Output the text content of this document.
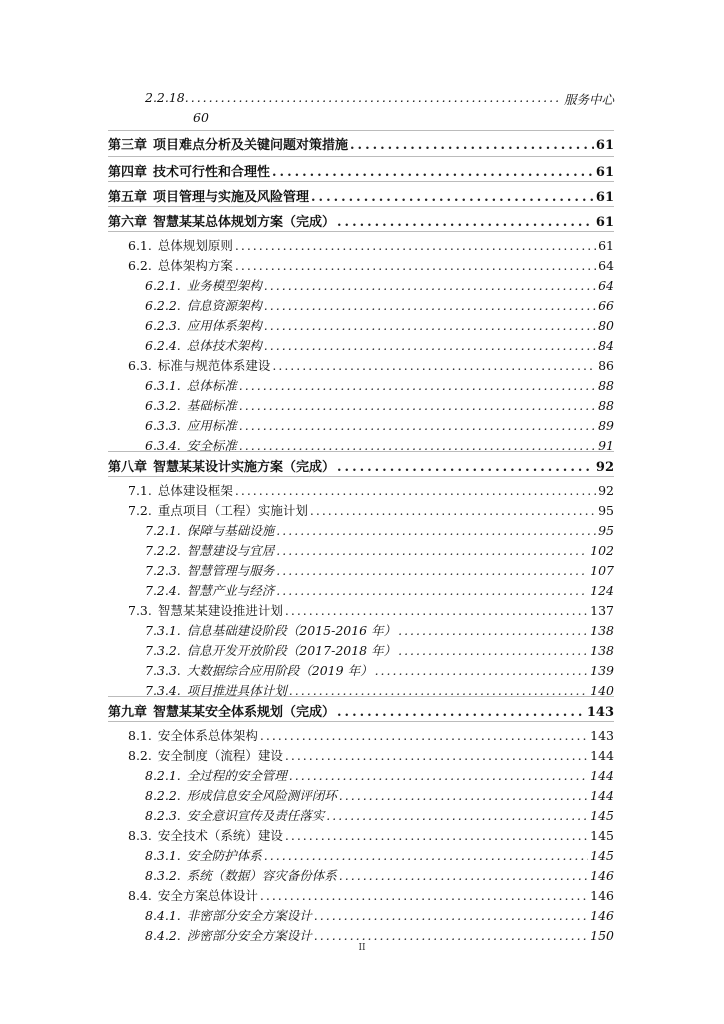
2.2.18. .....	服务中心
60
第三章 项目难点分析及关键问题对策措施 .....	61
第四章 技术可行性和合理性 .....	61
第五章 项目管理与实施及风险管理 .....	61
第六章 智慧某某总体规划方案（完成） .....	61
6.1. 总体规划原则 .....	61
6.2. 总体架构方案 .....	64
6.2.1. 业务模型架构 .....	64
6.2.2. 信息资源架构 .....	66
6.2.3. 应用体系架构 .....	80
6.2.4. 总体技术架构 .....	84
6.3. 标准与规范体系建设 .....	86
6.3.1. 总体标准 .....	88
6.3.2. 基础标准 .....	88
6.3.3. 应用标准 .....	89
6.3.4. 安全标准 .....	91
第八章 智慧某某设计实施方案（完成） .....	92
7.1. 总体建设框架 .....	92
7.2. 重点项目（工程）实施计划 .....	95
7.2.1. 保障与基础设施 .....	95
7.2.2. 智慧建设与宜居 .....	102
7.2.3. 智慧管理与服务 .....	107
7.2.4. 智慧产业与经济 .....	124
7.3. 智慧某某建设推进计划 .....	137
7.3.1. 信息基础建设阶段（2015-2016 年） .....	138
7.3.2. 信息开发开放阶段（2017-2018 年） .....	138
7.3.3. 大数据综合应用阶段（2019 年） .....	139
7.3.4. 项目推进具体计划 .....	140
第九章 智慧某某安全体系规划（完成） .....	143
8.1. 安全体系总体架构 .....	143
8.2. 安全制度（流程）建设 .....	144
8.2.1. 全过程的安全管理 .....	144
8.2.2. 形成信息安全风险测评闭环 .....	144
8.2.3. 安全意识宣传及责任落实 .....	145
8.3. 安全技术（系统）建设 .....	145
8.3.1. 安全防护体系 .....	145
8.3.2. 系统（数据）容灾备份体系 .....	146
8.4. 安全方案总体设计 .....	146
8.4.1. 非密部分安全方案设计 .....	146
8.4.2. 涉密部分安全方案设计 .....	150
II
